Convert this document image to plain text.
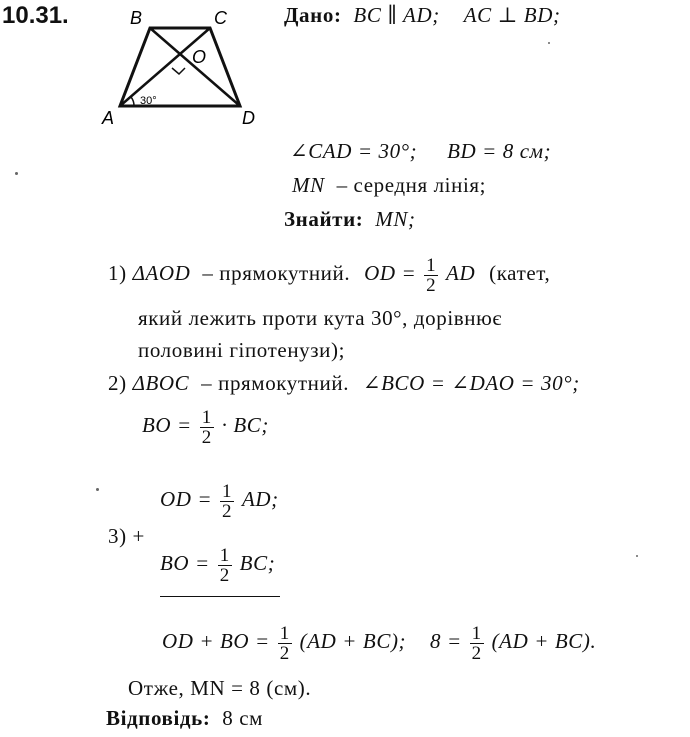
10.31.	B	C
A	D
O
30°
Дано: BC ∥ AD; AC ⊥ BD;
∠CAD = 30°; BD = 8 см;
MN – середня лінія;
Знайти: MN;
1) ΔAOD – прямокутний. OD = $\frac{1}{2}$ AD (катет,
який лежить проти кута 30°, дорівнює
половині гіпотенузи);
2) ΔBOC – прямокутний. ∠BCO = ∠DAO = 30°;
BO = $\frac{1}{2}$ · BC;
3) +
OD = $\frac{1}{2}$ AD;
BO = $\frac{1}{2}$ BC;
OD + BO = $\frac{1}{2} (AD + BC)$; $8 = \frac{1}{2} (AD + BC)$.
Отже, MN = 8 (см).
Відповідь: 8 см
